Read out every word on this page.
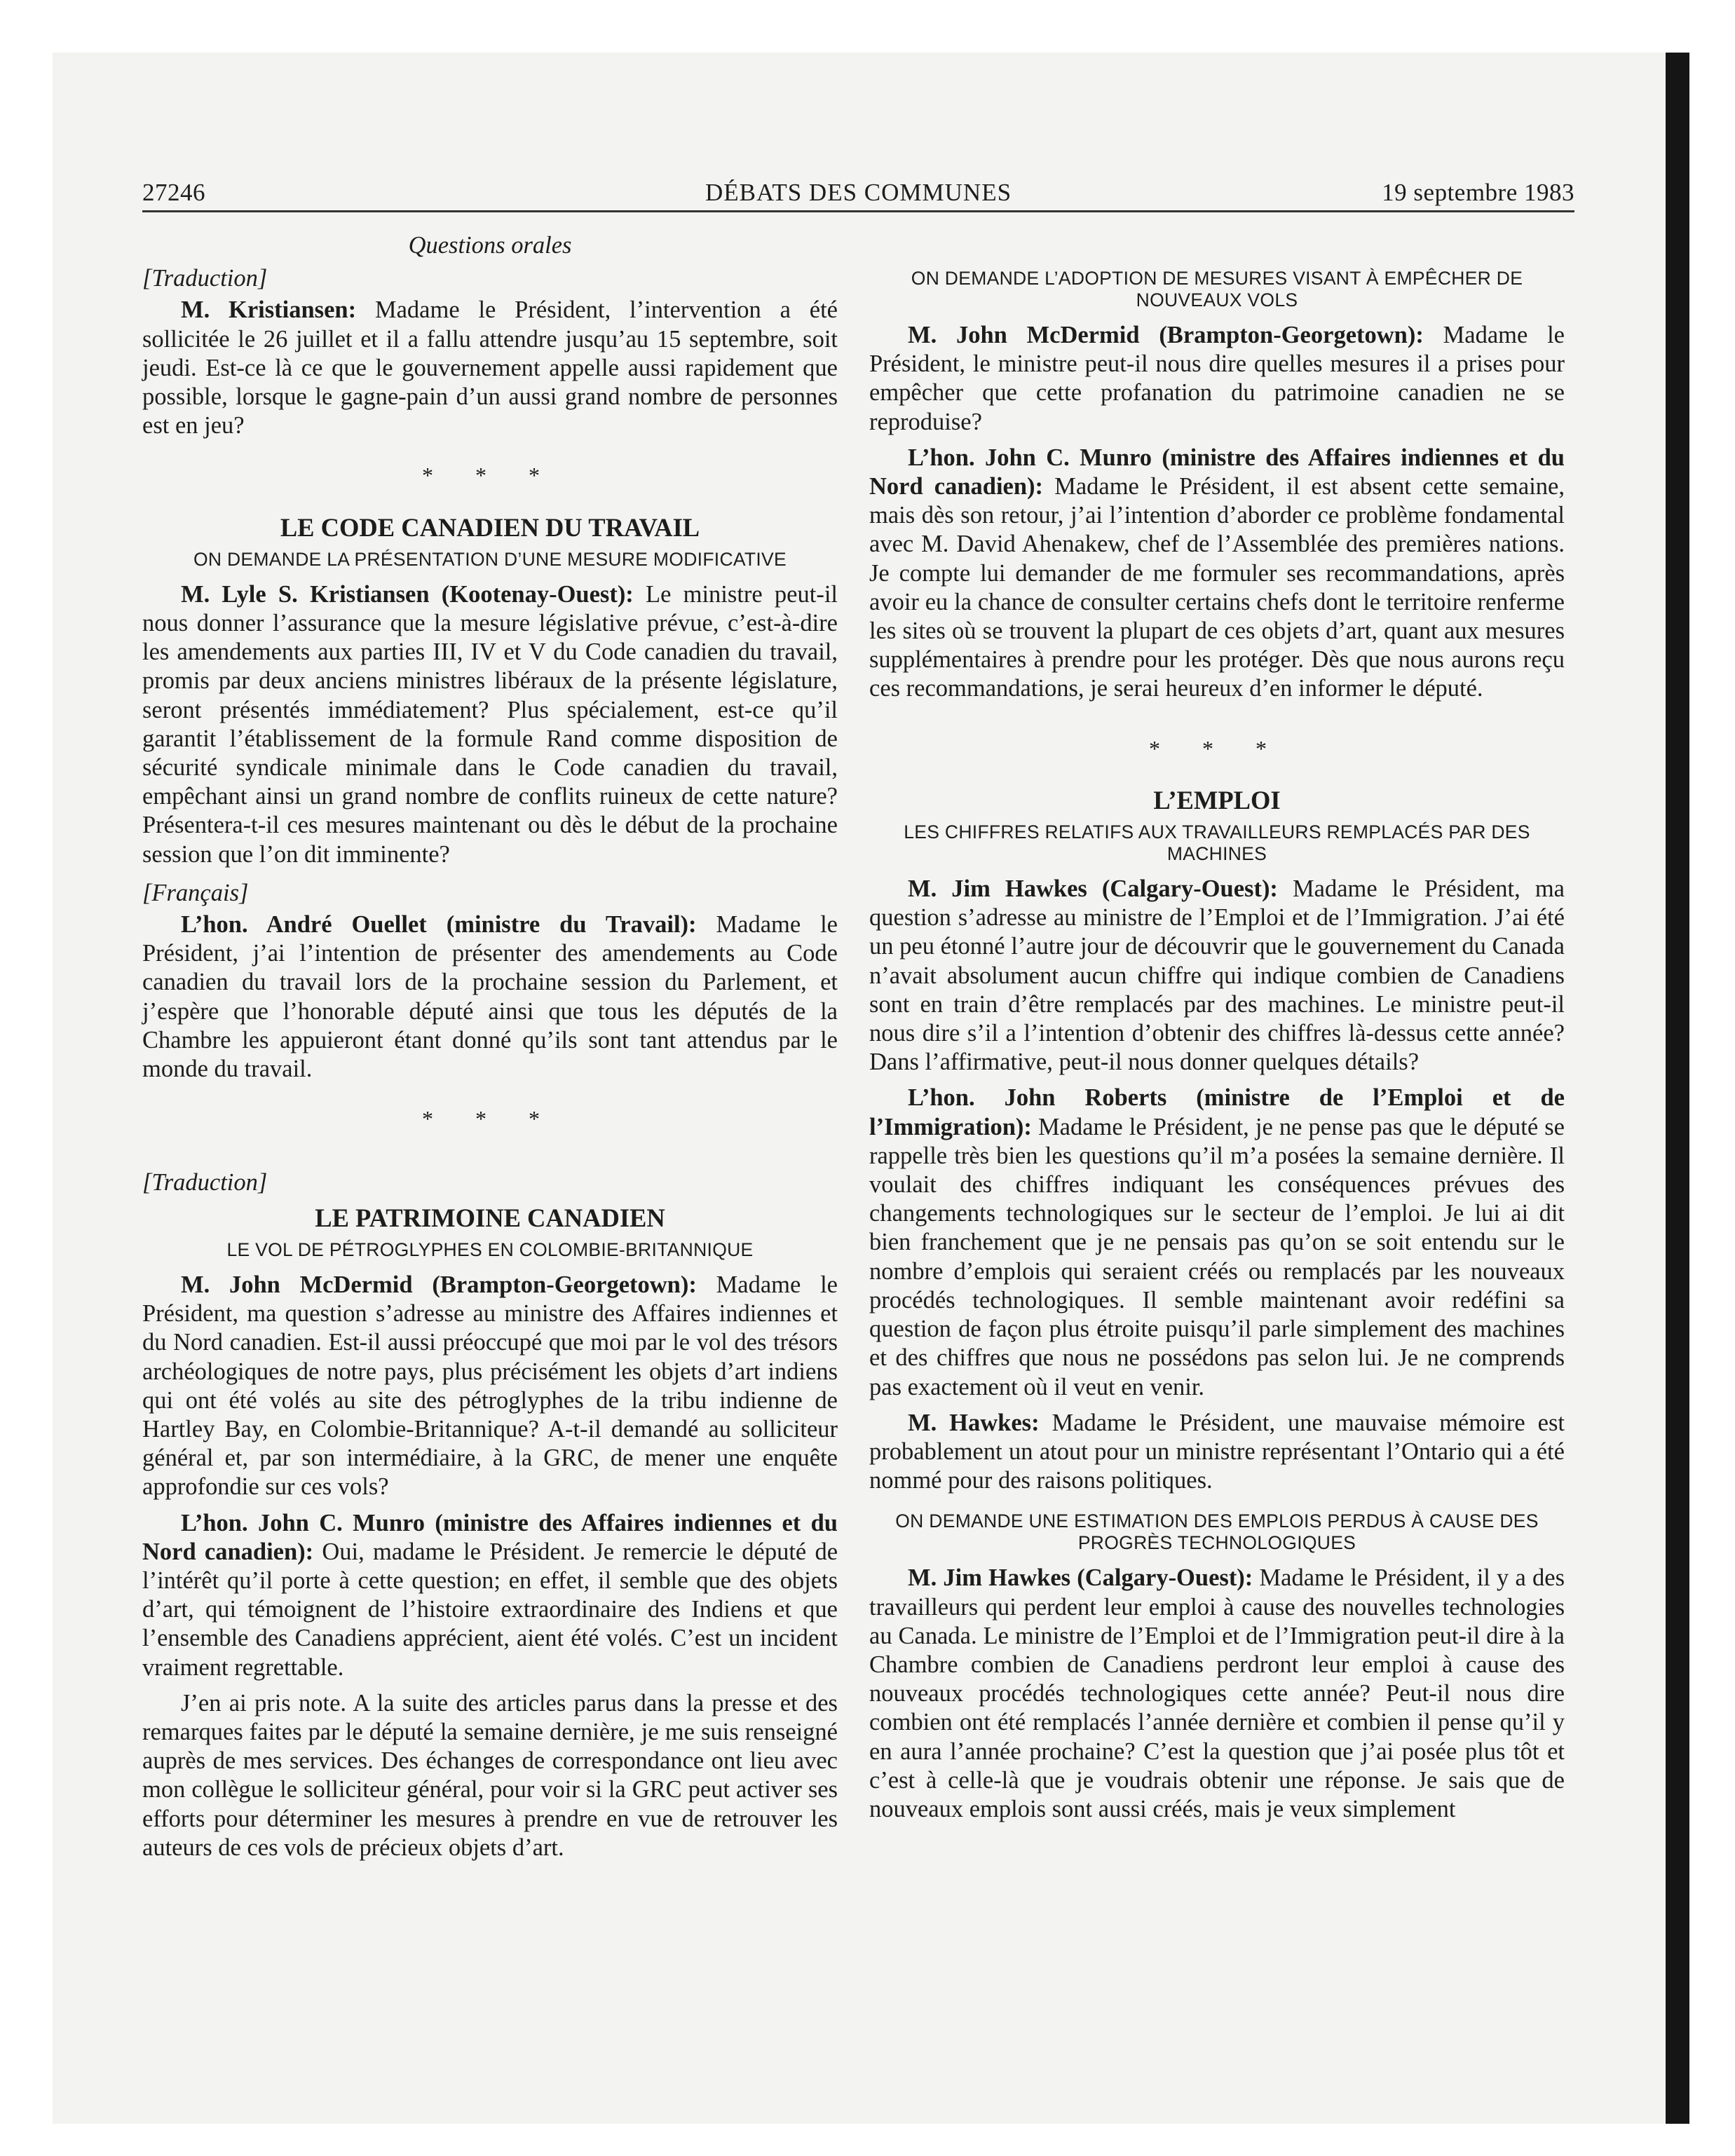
27246	DÉBATS DES COMMUNES	19 septembre 1983

Questions orales

[Traduction]

M. Kristiansen: Madame le Président, l’intervention a été sollicitée le 26 juillet et il a fallu attendre jusqu’au 15 septembre, soit jeudi. Est-ce là ce que le gouvernement appelle aussi rapidement que possible, lorsque le gagne-pain d’un aussi grand nombre de personnes est en jeu?

* * *

LE CODE CANADIEN DU TRAVAIL

ON DEMANDE LA PRÉSENTATION D’UNE MESURE MODIFICATIVE

M. Lyle S. Kristiansen (Kootenay-Ouest): Le ministre peut-il nous donner l’assurance que la mesure législative prévue, c’est-à-dire les amendements aux parties III, IV et V du Code canadien du travail, promis par deux anciens ministres libéraux de la présente législature, seront présentés immédiatement? Plus spécialement, est-ce qu’il garantit l’établissement de la formule Rand comme disposition de sécurité syndicale minimale dans le Code canadien du travail, empêchant ainsi un grand nombre de conflits ruineux de cette nature? Présentera-t-il ces mesures maintenant ou dès le début de la prochaine session que l’on dit imminente?

[Français]

L’hon. André Ouellet (ministre du Travail): Madame le Président, j’ai l’intention de présenter des amendements au Code canadien du travail lors de la prochaine session du Parlement, et j’espère que l’honorable député ainsi que tous les députés de la Chambre les appuieront étant donné qu’ils sont tant attendus par le monde du travail.

* * *

[Traduction]

LE PATRIMOINE CANADIEN

LE VOL DE PÉTROGLYPHES EN COLOMBIE-BRITANNIQUE

M. John McDermid (Brampton-Georgetown): Madame le Président, ma question s’adresse au ministre des Affaires indiennes et du Nord canadien. Est-il aussi préoccupé que moi par le vol des trésors archéologiques de notre pays, plus précisément les objets d’art indiens qui ont été volés au site des pétroglyphes de la tribu indienne de Hartley Bay, en Colombie-Britannique? A-t-il demandé au solliciteur général et, par son intermédiaire, à la GRC, de mener une enquête approfondie sur ces vols?

L’hon. John C. Munro (ministre des Affaires indiennes et du Nord canadien): Oui, madame le Président. Je remercie le député de l’intérêt qu’il porte à cette question; en effet, il semble que des objets d’art, qui témoignent de l’histoire extraordinaire des Indiens et que l’ensemble des Canadiens apprécient, aient été volés. C’est un incident vraiment regrettable.

J’en ai pris note. A la suite des articles parus dans la presse et des remarques faites par le député la semaine dernière, je me suis renseigné auprès de mes services. Des échanges de correspondance ont lieu avec mon collègue le solliciteur général, pour voir si la GRC peut activer ses efforts pour déterminer les mesures à prendre en vue de retrouver les auteurs de ces vols de précieux objets d’art.

ON DEMANDE L’ADOPTION DE MESURES VISANT À EMPÊCHER DE NOUVEAUX VOLS

M. John McDermid (Brampton-Georgetown): Madame le Président, le ministre peut-il nous dire quelles mesures il a prises pour empêcher que cette profanation du patrimoine canadien ne se reproduise?

L’hon. John C. Munro (ministre des Affaires indiennes et du Nord canadien): Madame le Président, il est absent cette semaine, mais dès son retour, j’ai l’intention d’aborder ce problème fondamental avec M. David Ahenakew, chef de l’Assemblée des premières nations. Je compte lui demander de me formuler ses recommandations, après avoir eu la chance de consulter certains chefs dont le territoire renferme les sites où se trouvent la plupart de ces objets d’art, quant aux mesures supplémentaires à prendre pour les protéger. Dès que nous aurons reçu ces recommandations, je serai heureux d’en informer le député.

* * *

L’EMPLOI

LES CHIFFRES RELATIFS AUX TRAVAILLEURS REMPLACÉS PAR DES MACHINES

M. Jim Hawkes (Calgary-Ouest): Madame le Président, ma question s’adresse au ministre de l’Emploi et de l’Immigration. J’ai été un peu étonné l’autre jour de découvrir que le gouvernement du Canada n’avait absolument aucun chiffre qui indique combien de Canadiens sont en train d’être remplacés par des machines. Le ministre peut-il nous dire s’il a l’intention d’obtenir des chiffres là-dessus cette année? Dans l’affirmative, peut-il nous donner quelques détails?

L’hon. John Roberts (ministre de l’Emploi et de l’Immigration): Madame le Président, je ne pense pas que le député se rappelle très bien les questions qu’il m’a posées la semaine dernière. Il voulait des chiffres indiquant les conséquences prévues des changements technologiques sur le secteur de l’emploi. Je lui ai dit bien franchement que je ne pensais pas qu’on se soit entendu sur le nombre d’emplois qui seraient créés ou remplacés par les nouveaux procédés technologiques. Il semble maintenant avoir redéfini sa question de façon plus étroite puisqu’il parle simplement des machines et des chiffres que nous ne possédons pas selon lui. Je ne comprends pas exactement où il veut en venir.

M. Hawkes: Madame le Président, une mauvaise mémoire est probablement un atout pour un ministre représentant l’Ontario qui a été nommé pour des raisons politiques.

ON DEMANDE UNE ESTIMATION DES EMPLOIS PERDUS À CAUSE DES PROGRÈS TECHNOLOGIQUES

M. Jim Hawkes (Calgary-Ouest): Madame le Président, il y a des travailleurs qui perdent leur emploi à cause des nouvelles technologies au Canada. Le ministre de l’Emploi et de l’Immigration peut-il dire à la Chambre combien de Canadiens perdront leur emploi à cause des nouveaux procédés technologiques cette année? Peut-il nous dire combien ont été remplacés l’année dernière et combien il pense qu’il y en aura l’année prochaine? C’est la question que j’ai posée plus tôt et c’est à celle-là que je voudrais obtenir une réponse. Je sais que de nouveaux emplois sont aussi créés, mais je veux simplement
